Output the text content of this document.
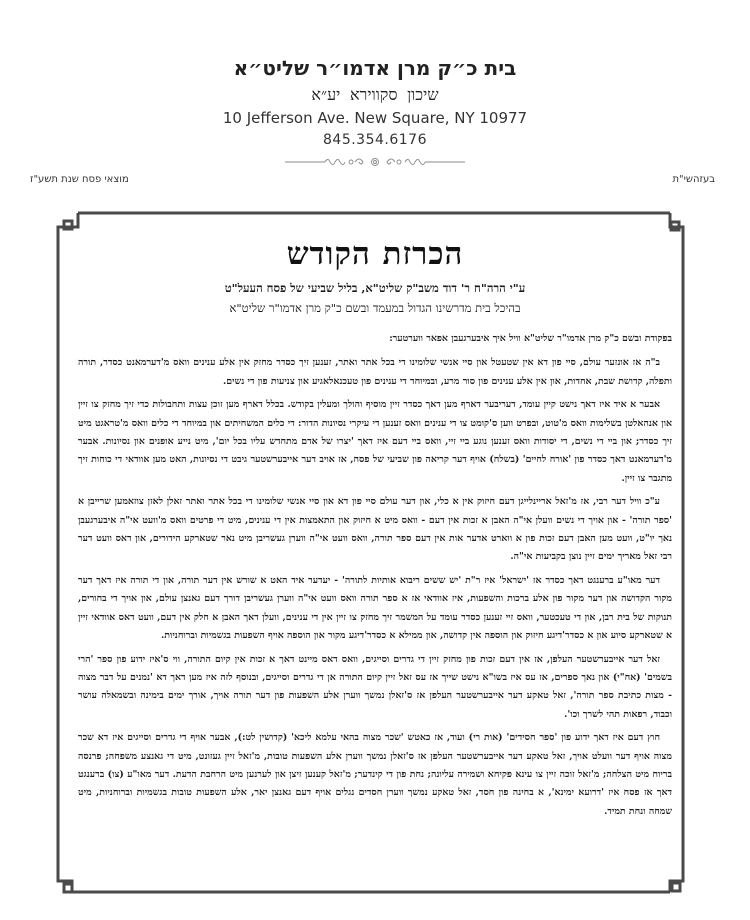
בית כ״ק מרן אדמו״ר שליט״א
שיכון סקווירא יע״א
10 Jefferson Ave. New Square, NY 10977
845.354.6176
מוצאי פסח שנת תשע"ז	בעזהשי"ת
הכרזת הקודש
ע"י הרה"ח ר' דוד משב"ק שליט"א, בליל שביעי של פסח העעל"ט
בהיכל בית מדרשינו הגדול במעמד ובשם כ"ק מרן אדמו"ר שליט"א

בפקודת ובשם כ"ק מרן אדמו"ר שליט"א וויל איך איבערגעבן אפאר ווערטער:

ב"ה אז אונזער עולם, סיי פון דא אין שטעטל און סיי אנשי שלומינו די בכל אתר ואתר, זענען זיך כסדר מחזק אין אלע ענינים וואס מ'דערמאנט כסדר, תורה ותפלה, קדושת שבת, אחדות, און אין אלע ענינים פון סור מרע, ובמיוחד די ענינים פון טעכנאלאגיע און צניעות פון די נשים.

אבער א איד איז דאך נישט קיין עומד, דעריבער דארף מען דאך כסדר זיין מוסיף והולך ומעלין בקודש. בכלל דארף מען זוכן עצות ותחבולות כדי זיך מחזק צו זיין און אנהאלטן בשלימות וואס מ'טוט, ובפרט ווען ס'קומט צו די ענינים וואס זענען די עיקרי נסיונות הדור: די כלים המשחיתים און במיוחד די כלים וואס מ'טראגט מיט זיך כסדר; און ביי די נשים, די יסודות וואס זענען נוגע ביי זיי, וואס ביי דעם איז דאך 'יצרו של אדם מתחדש עליו בכל יום', מיט נייע אופנים און נסיונות. אבער מ'דערמאנט דאך כסדר פון 'אורח לחיים' (בשלח) אויף דער קריאה פון שביעי של פסח, אז אויב דער אייבערשטער גיבט די נסיונות, האט מען אוודאי די כוחות זיך מתגבר צו זיין.

ע"כ וויל דער רבי, אז מ'זאל אריינלייגן דעם חיזוק אין א כלי, און דער עולם סיי פון דא און סיי אנשי שלומינו די בכל אתר ואתר זאלן לאזן צוזאמען שרייבן א 'ספר תורה' - און אויך די נשים וועלן אי"ה האבן א זכות אין דעם - וואס מיט א חיזוק און התאמצות אין די ענינים, מיט די פרטים וואס מ'וועט אי"ה איבערגעבן נאך יו"ט, וועט מען האבן דעם זכות פון א ווארט אדער אות אין דעם ספר תורה, וואס וועט אי"ה ווערן געשריבן מיט נאר שטארקע הידורים, און דאס וועט דער רבי זאל מאריך ימים זיין נוצן בקביעות אי"ה.

דער מאו"ע ברענגט דאך כסדר אז 'ישראל' איז ר"ת 'יש ששים ריבוא אותיות לתורה' - יעדער איד האט א שורש אין דער תורה, און די תורה איז דאך דער מקור הקדושה און דער מקור פון אלע ברכות והשפעות, איז אוודאי אז א ספר תורה וואס וועט אי"ה ווערן געשריבן דורך דעם גאנצן עולם, און אויך די בחורים, תנוקות של בית רבן, און די טעכטער, וואס זיי זענען כסדר עומד על המשמר זיך מחזק צו זיין אין די ענינים, וועלן דאך האבן א חלק אין דעם, וועט דאס אוודאי זיין א שטארקע סיוע און א כסדר'דיגע חיזוק און הוספה אין קדושה, און ממילא א כסדר'דיגע מקור און הוספה אויף השפעות בגשמיות וברוחניות.

זאל דער אייבערשטער העלפן, אז אין דעם זכות פון מחזק זיין די גדרים וסייגים, וואס דאס מיינט דאך א זכות אין קיום התורה, ווי ס'איז ידוע פון ספר 'הרי בשמים' (אח"י) און נאך ספרים, אז עס איז בשו"א נישט שייך אז עס זאל זיין קיום התורה אן די גדרים וסייגים, ובנוסף לזה איז מען דאך דא 'נמנים על דבר מצוה - מצות כתיבת ספר תורה', זאל טאקע דער אייבערשטער העלפן אז ס'זאלן נמשך ווערן אלע השפעות פון דער תורה אויך, אורך ימים בימינה ובשמאלה עושר וכבוד, רפאות תהי לשרך וכו'.

חוץ דעם איז דאך ידוע פון 'ספר חסידים' (אות רי) ועוד, אז כאטש 'שכר מצוה בהאי עלמא ליכא' (קדושין לט:), אבער אויף די גדרים וסייגים איז דא שכר מצוה אויף דער וועלט אויך, זאל טאקע דער אייבערשטער העלפן אז ס'זאלן נמשך ווערן אלע השפעות טובות, מ'זאל זיין געזונט, מיט די גאנצע משפחה; פרנסה בריוח מיט הצלחה; מ'זאל זוכה זיין צו עינא פקיחא ושמירה עליונה; נחת פון די קינדער; מ'זאל קענען זיצן און לערנען מיט הרחבת הדעת. דער מאו"ע (צו) ברענגט דאך אז פסח איז 'דרועא ימינא', א בחינה פון חסד, זאל טאקע נמשך ווערן חסדים נגלים אויף דעם גאנצן יאר, אלע השפעות טובות בגשמיות וברוחניות, מיט שמחה ונחת תמיד.
